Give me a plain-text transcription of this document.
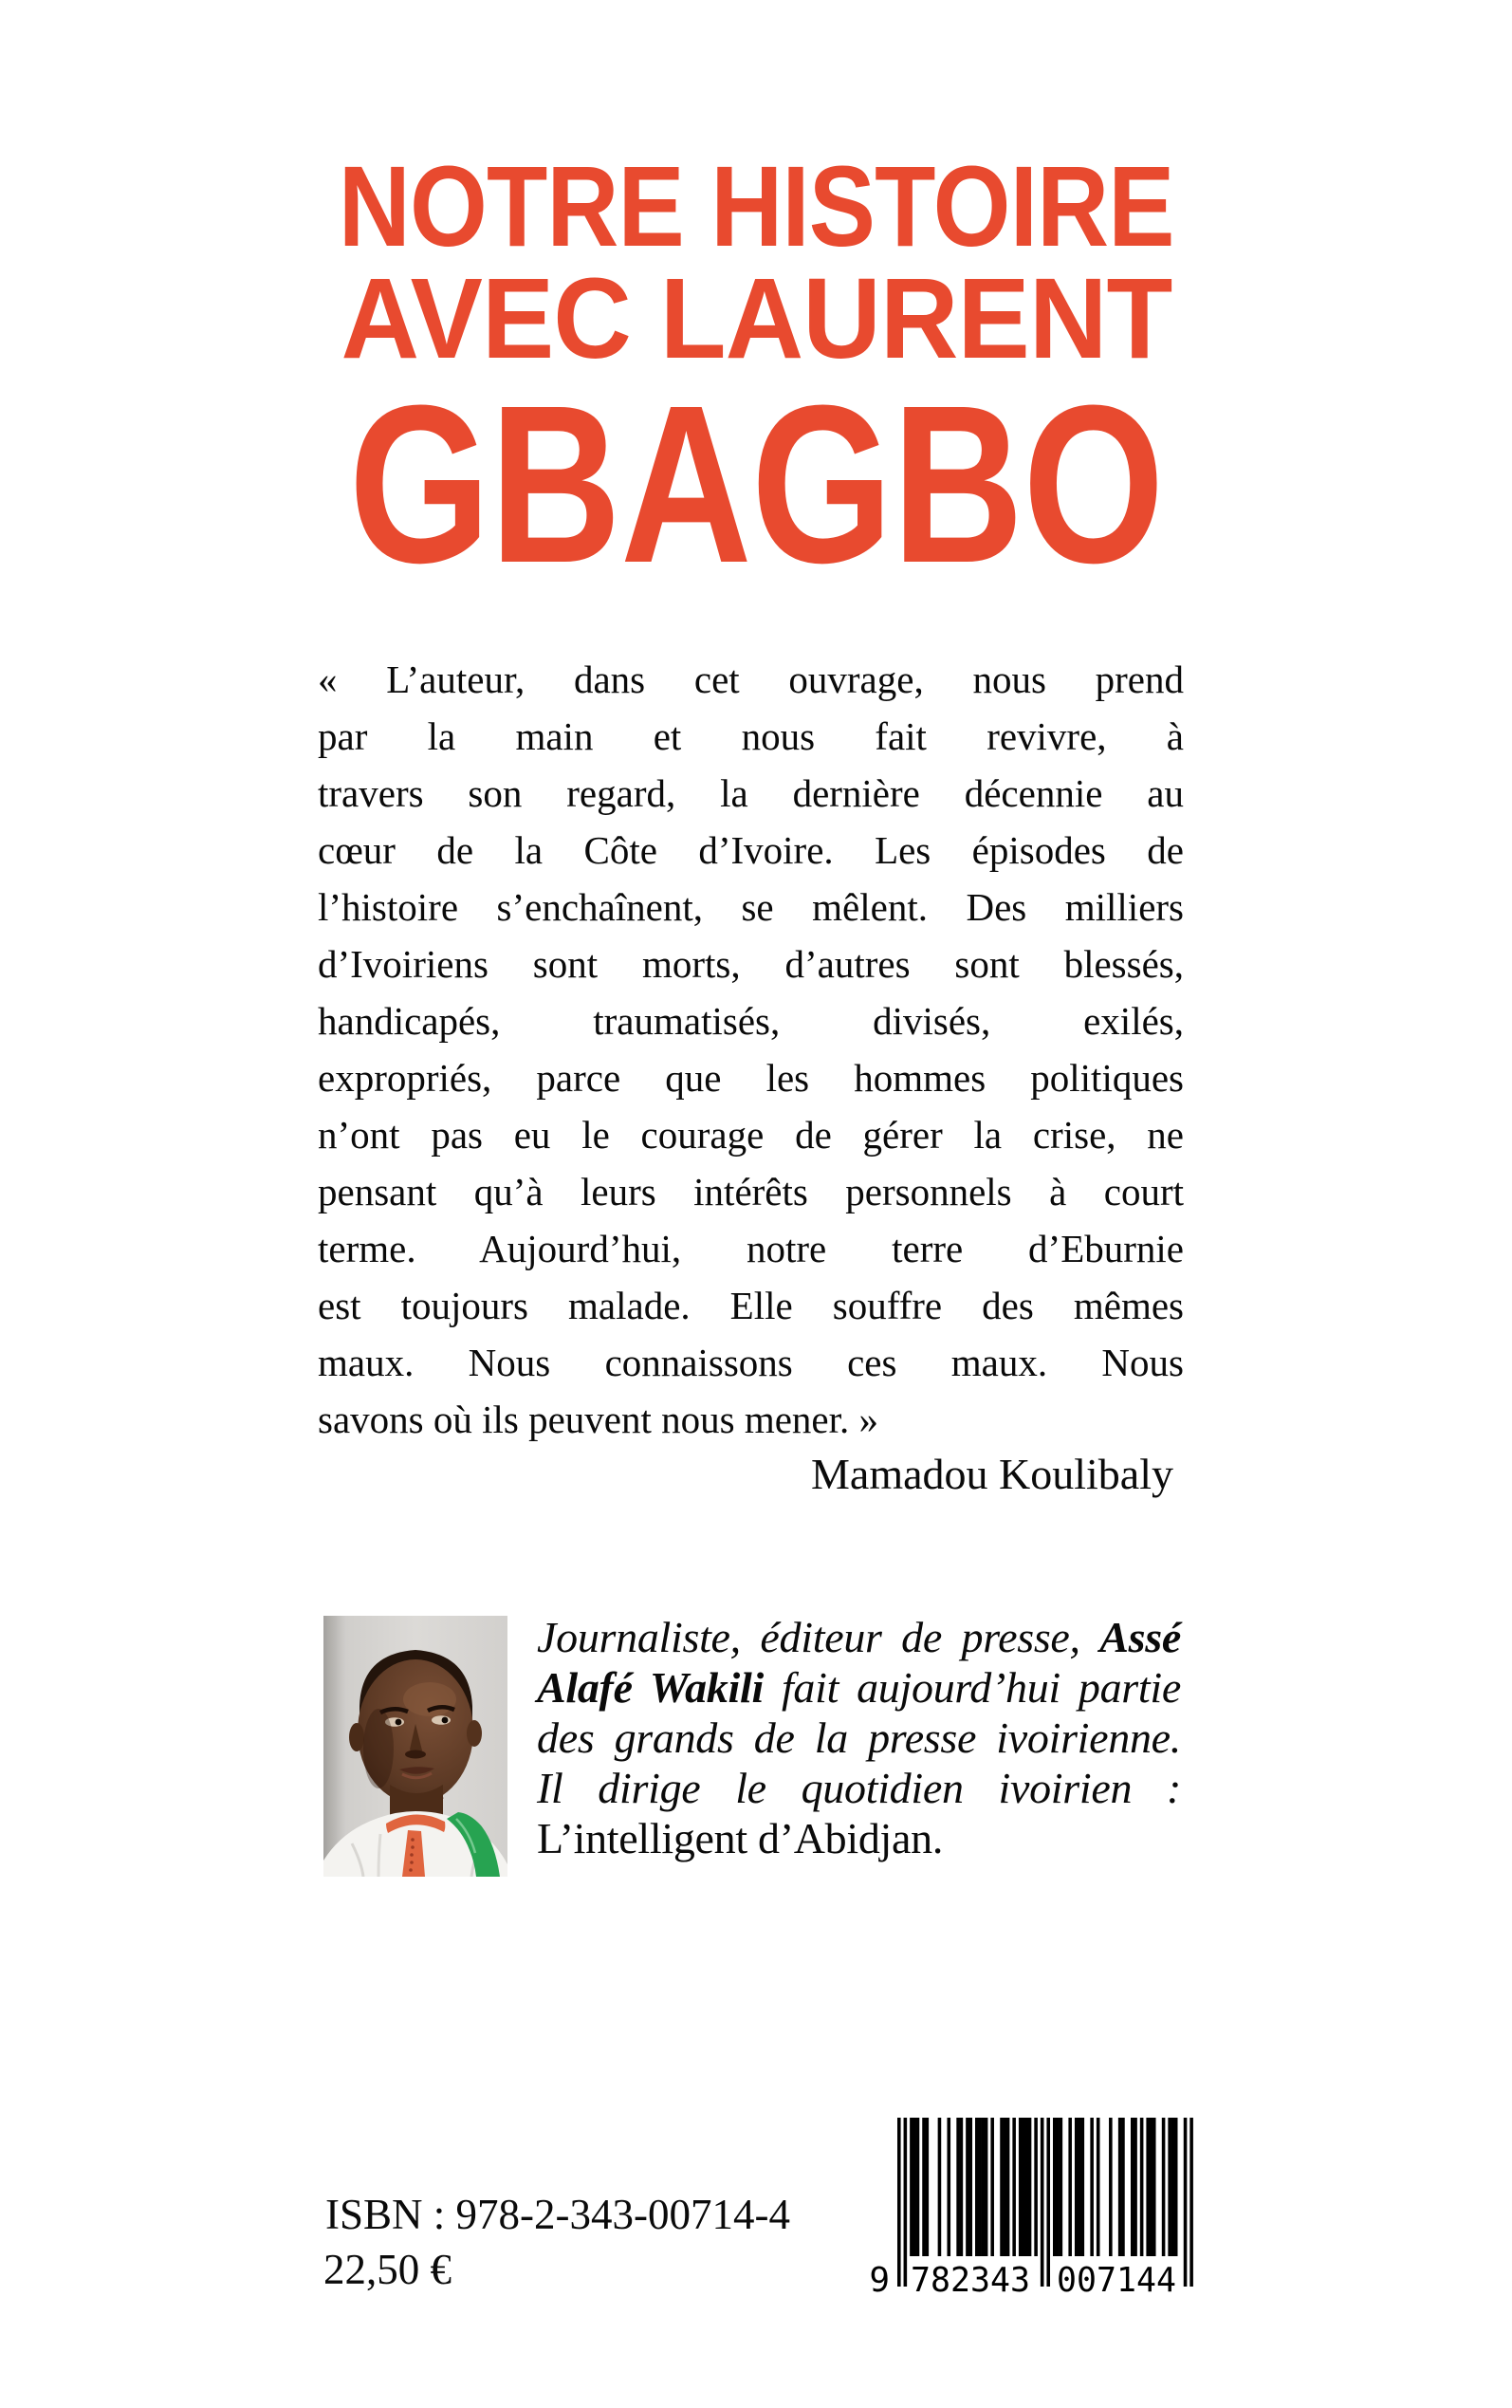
NOTRE HISTOIRE
AVEC LAURENT
GBAGBO
« L’auteur, dans cet ouvrage, nous prend
par la main et nous fait revivre, à
travers son regard, la dernière décennie au
cœur de la Côte d’Ivoire. Les épisodes de
l’histoire s’enchaînent, se mêlent. Des milliers
d’Ivoiriens sont morts, d’autres sont blessés,
handicapés, traumatisés, divisés, exilés,
expropriés, parce que les hommes politiques
n’ont pas eu le courage de gérer la crise, ne
pensant qu’à leurs intérêts personnels à court
terme. Aujourd’hui, notre terre d’Eburnie
est toujours malade. Elle souffre des mêmes
maux. Nous connaissons ces maux. Nous
savons où ils peuvent nous mener. »
Mamadou Koulibaly
Journaliste, éditeur de presse, Assé
Alafé Wakili fait aujourd’hui partie
des grands de la presse ivoirienne.
Il dirige le quotidien ivoirien :
L’intelligent d’Abidjan.
ISBN : 978-2-343-00714-4
22,50 €	9 782343 007144
